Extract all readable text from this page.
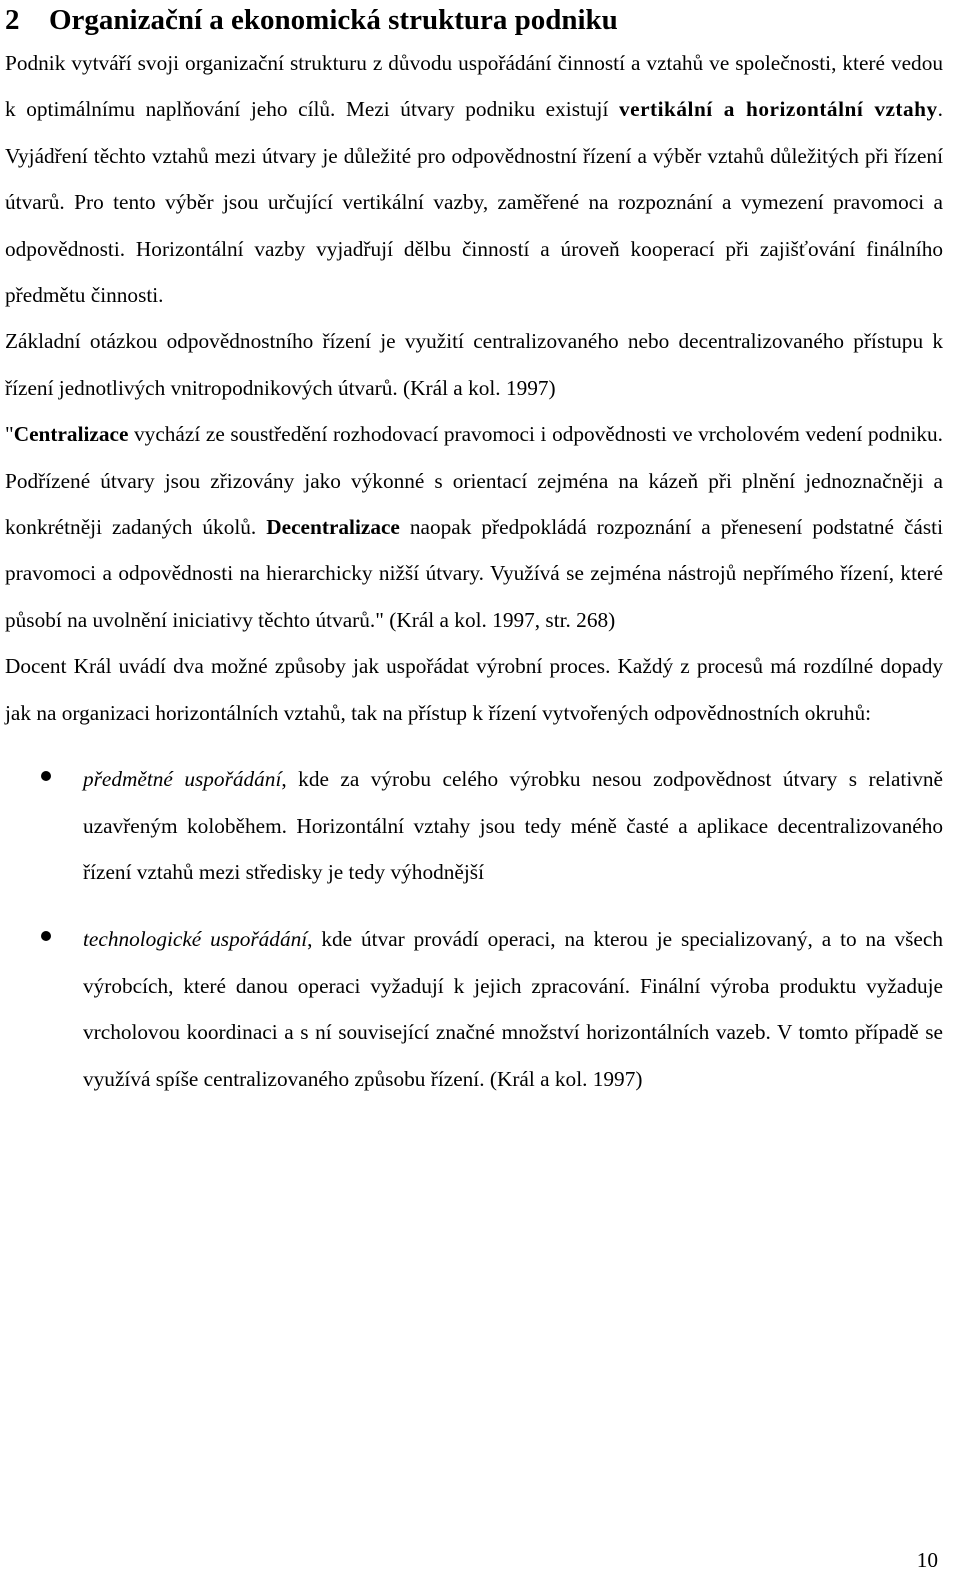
2 Organizační a ekonomická struktura podniku

Podnik vytváří svoji organizační strukturu z důvodu uspořádání činností a vztahů ve společnosti, které vedou k optimálnímu naplňování jeho cílů. Mezi útvary podniku existují vertikální a horizontální vztahy. Vyjádření těchto vztahů mezi útvary je důležité pro odpovědnostní řízení a výběr vztahů důležitých při řízení útvarů. Pro tento výběr jsou určující vertikální vazby, zaměřené na rozpoznání a vymezení pravomoci a odpovědnosti. Horizontální vazby vyjadřují dělbu činností a úroveň kooperací při zajišťování finálního předmětu činnosti.

Základní otázkou odpovědnostního řízení je využití centralizovaného nebo decentralizovaného přístupu k řízení jednotlivých vnitropodnikových útvarů. (Král a kol. 1997)

"Centralizace vychází ze soustředění rozhodovací pravomoci i odpovědnosti ve vrcholovém vedení podniku. Podřízené útvary jsou zřizovány jako výkonné s orientací zejména na kázeň při plnění jednoznačněji a konkrétněji zadaných úkolů. Decentralizace naopak předpokládá rozpoznání a přenesení podstatné části pravomoci a odpovědnosti na hierarchicky nižší útvary. Využívá se zejména nástrojů nepřímého řízení, které působí na uvolnění iniciativy těchto útvarů." (Král a kol. 1997, str. 268)

Docent Král uvádí dva možné způsoby jak uspořádat výrobní proces. Každý z procesů má rozdílné dopady jak na organizaci horizontálních vztahů, tak na přístup k řízení vytvořených odpovědnostních okruhů:

předmětné uspořádání, kde za výrobu celého výrobku nesou zodpovědnost útvary s relativně uzavřeným koloběhem. Horizontální vztahy jsou tedy méně časté a aplikace decentralizovaného řízení vztahů mezi středisky je tedy výhodnější
technologické uspořádání, kde útvar provádí operaci, na kterou je specializovaný, a to na všech výrobcích, které danou operaci vyžadují k jejich zpracování. Finální výroba produktu vyžaduje vrcholovou koordinaci a s ní související značné množství horizontálních vazeb. V tomto případě se využívá spíše centralizovaného způsobu řízení. (Král a kol. 1997)
10
